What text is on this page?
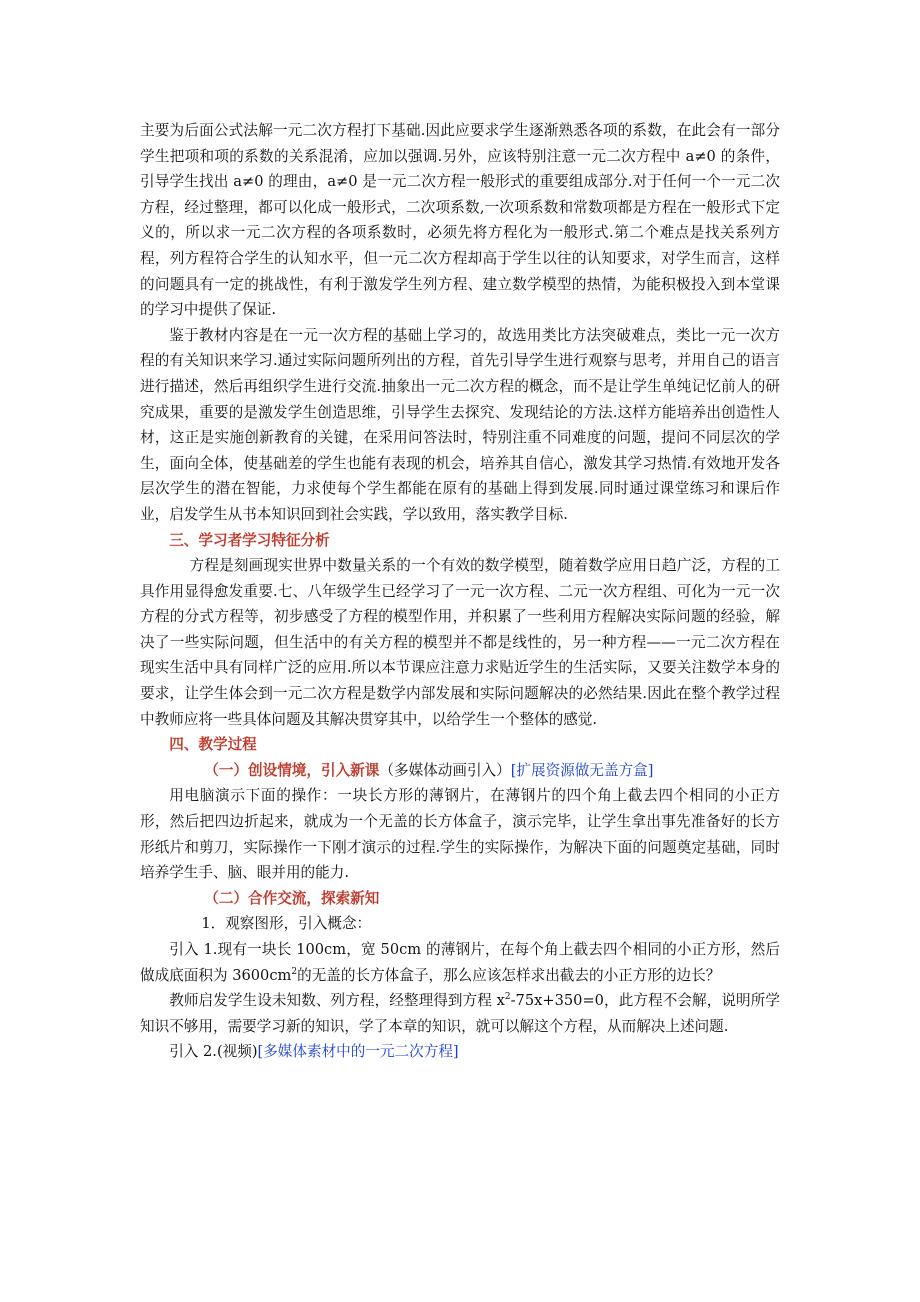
主要为后面公式法解一元二次方程打下基础.因此应要求学生逐渐熟悉各项的系数，在此会有一部分学生把项和项的系数的关系混淆，应加以强调.另外，应该特别注意一元二次方程中 a≠0 的条件，引导学生找出 a≠0 的理由，a≠0 是一元二次方程一般形式的重要组成部分.对于任何一个一元二次方程，经过整理，都可以化成一般形式，二次项系数,一次项系数和常数项都是方程在一般形式下定义的，所以求一元二次方程的各项系数时，必须先将方程化为一般形式.第二个难点是找关系列方程，列方程符合学生的认知水平，但一元二次方程却高于学生以往的认知要求，对学生而言，这样的问题具有一定的挑战性，有利于激发学生列方程、建立数学模型的热情，为能积极投入到本堂课的学习中提供了保证.

鉴于教材内容是在一元一次方程的基础上学习的，故选用类比方法突破难点，类比一元一次方程的有关知识来学习.通过实际问题所列出的方程，首先引导学生进行观察与思考，并用自己的语言进行描述，然后再组织学生进行交流.抽象出一元二次方程的概念，而不是让学生单纯记忆前人的研究成果，重要的是激发学生创造思维，引导学生去探究、发现结论的方法.这样方能培养出创造性人材，这正是实施创新教育的关键，在采用问答法时，特别注重不同难度的问题，提问不同层次的学生，面向全体，使基础差的学生也能有表现的机会，培养其自信心，激发其学习热情.有效地开发各层次学生的潜在智能，力求使每个学生都能在原有的基础上得到发展.同时通过课堂练习和课后作业，启发学生从书本知识回到社会实践，学以致用，落实教学目标.

三、学习者学习特征分析

方程是刻画现实世界中数量关系的一个有效的数学模型，随着数学应用日趋广泛，方程的工具作用显得愈发重要.七、八年级学生已经学习了一元一次方程、二元一次方程组、可化为一元一次方程的分式方程等，初步感受了方程的模型作用，并积累了一些利用方程解决实际问题的经验，解决了一些实际问题，但生活中的有关方程的模型并不都是线性的，另一种方程——一元二次方程在现实生活中具有同样广泛的应用.所以本节课应注意力求贴近学生的生活实际，又要关注数学本身的要求，让学生体会到一元二次方程是数学内部发展和实际问题解决的必然结果.因此在整个教学过程中教师应将一些具体问题及其解决贯穿其中，以给学生一个整体的感觉.

四、教学过程

（一）创设情境，引入新课（多媒体动画引入）[扩展资源做无盖方盒]

用电脑演示下面的操作：一块长方形的薄钢片，在薄钢片的四个角上截去四个相同的小正方形，然后把四边折起来，就成为一个无盖的长方体盒子，演示完毕，让学生拿出事先准备好的长方形纸片和剪刀，实际操作一下刚才演示的过程.学生的实际操作，为解决下面的问题奠定基础，同时培养学生手、脑、眼并用的能力.

（二）合作交流，探索新知

1．观察图形，引入概念：

引入 1.现有一块长 100cm，宽 50cm 的薄钢片，在每个角上截去四个相同的小正方形，然后做成底面积为 $3600cm^2$的无盖的长方体盒子，那么应该怎样求出截去的小正方形的边长？

教师启发学生设未知数、列方程，经整理得到方程 $x^2-75x+350=0$，此方程不会解，说明所学知识不够用，需要学习新的知识，学了本章的知识，就可以解这个方程，从而解决上述问题.

引入 2.(视频)[多媒体素材中的一元二次方程]
